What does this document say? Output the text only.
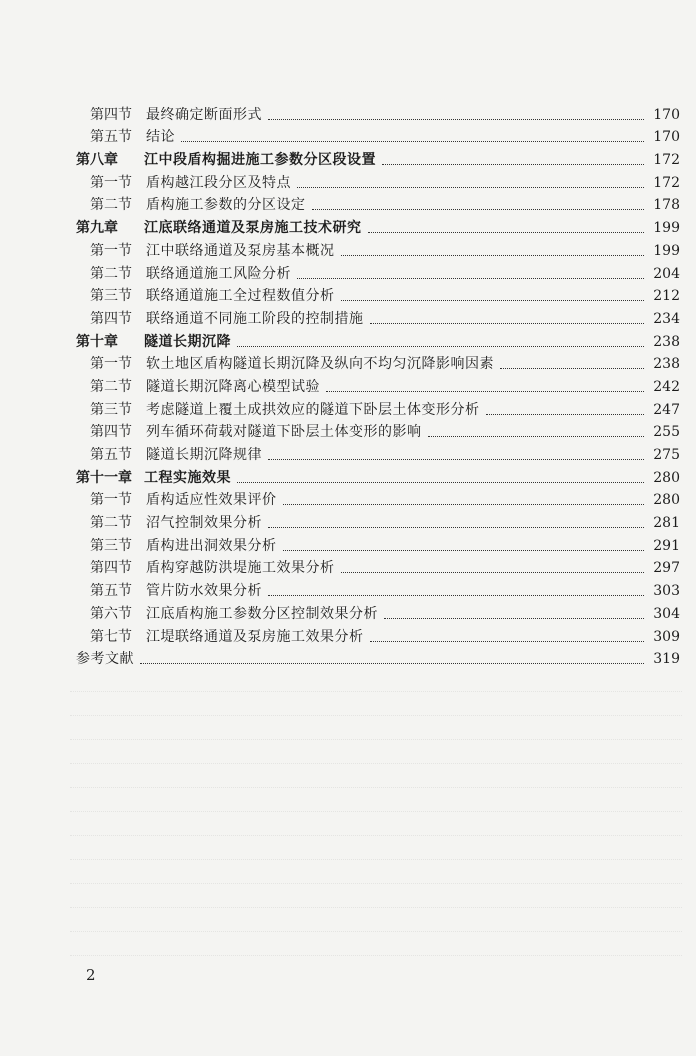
第四节 最终确定断面形式	170
第五节 结论	170
第八章 江中段盾构掘进施工参数分区段设置	172
第一节 盾构越江段分区及特点	172
第二节 盾构施工参数的分区设定	178
第九章 江底联络通道及泵房施工技术研究	199
第一节 江中联络通道及泵房基本概况	199
第二节 联络通道施工风险分析	204
第三节 联络通道施工全过程数值分析	212
第四节 联络通道不同施工阶段的控制措施	234
第十章 隧道长期沉降	238
第一节 软土地区盾构隧道长期沉降及纵向不均匀沉降影响因素	238
第二节 隧道长期沉降离心模型试验	242
第三节 考虑隧道上覆土成拱效应的隧道下卧层土体变形分析	247
第四节 列车循环荷载对隧道下卧层土体变形的影响	255
第五节 隧道长期沉降规律	275
第十一章 工程实施效果	280
第一节 盾构适应性效果评价	280
第二节 沼气控制效果分析	281
第三节 盾构进出洞效果分析	291
第四节 盾构穿越防洪堤施工效果分析	297
第五节 管片防水效果分析	303
第六节 江底盾构施工参数分区控制效果分析	304
第七节 江堤联络通道及泵房施工效果分析	309
参考文献	319
2
